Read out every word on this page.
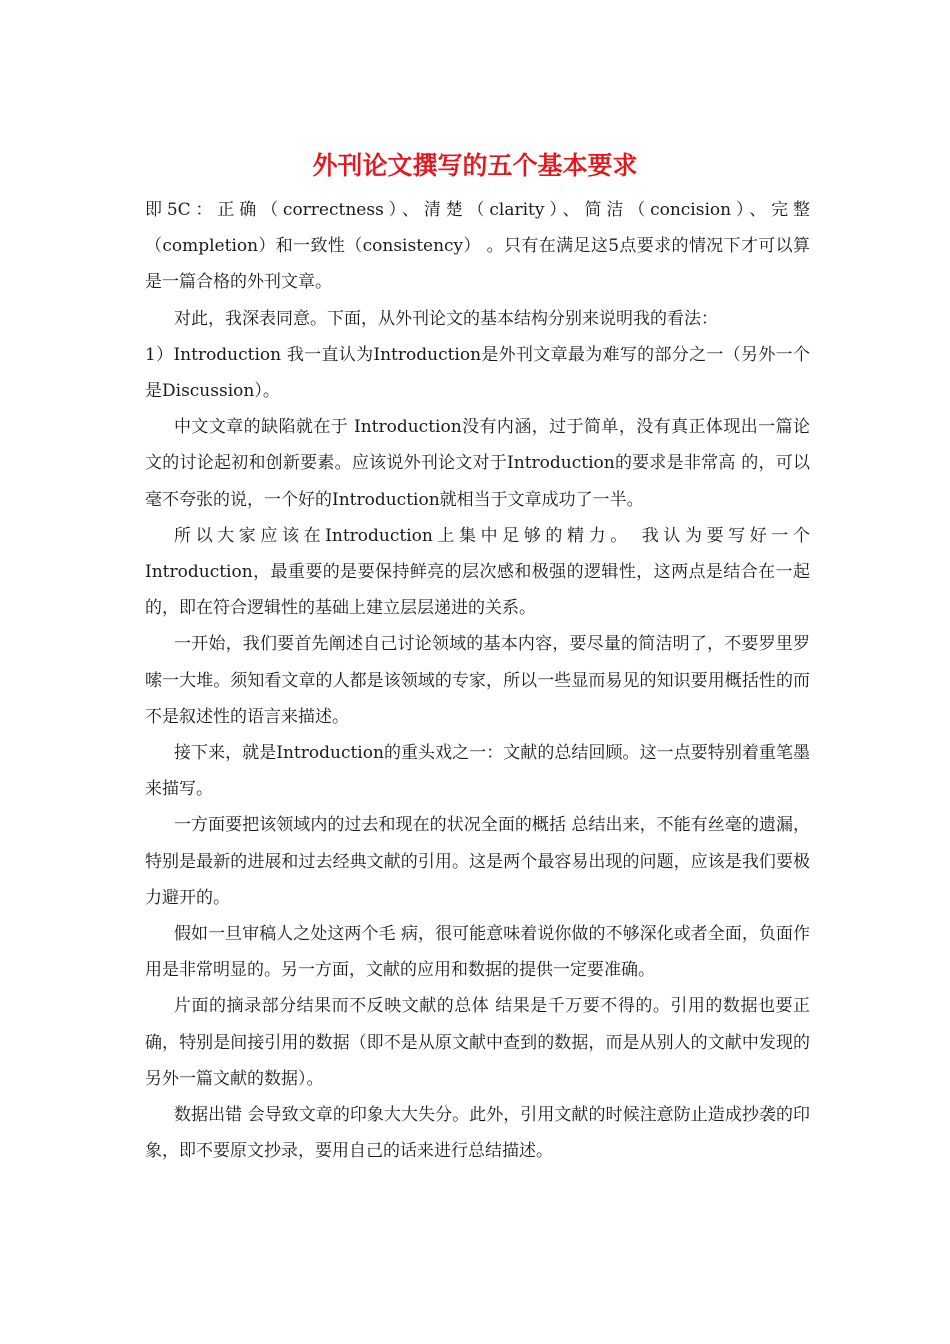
外刊论文撰写的五个基本要求

即5C：正确（correctness）、清楚（clarity）、简洁（concision）、完整（completion）和一致性（consistency） 。只有在满足这5点要求的情况下才可以算是一篇合格的外刊文章。

对此，我深表同意。下面，从外刊论文的基本结构分别来说明我的看法：

1）Introduction 我一直认为Introduction是外刊文章最为难写的部分之一（另外一个是Discussion）。

中文文章的缺陷就在于 Introduction没有内涵，过于简单，没有真正体现出一篇论文的讨论起初和创新要素。应该说外刊论文对于Introduction的要求是非常高 的，可以毫不夸张的说，一个好的Introduction就相当于文章成功了一半。

所以大家应该在Introduction上集中足够的精力。 我认为要写好一个Introduction，最重要的是要保持鲜亮的层次感和极强的逻辑性，这两点是结合在一起的，即在符合逻辑性的基础上建立层层递进的关系。

一开始，我们要首先阐述自己讨论领域的基本内容，要尽量的简洁明了，不要罗里罗嗦一大堆。须知看文章的人都是该领域的专家，所以一些显而易见的知识要用概括性的而不是叙述性的语言来描述。

接下来，就是Introduction的重头戏之一：文献的总结回顾。这一点要特别着重笔墨来描写。

一方面要把该领域内的过去和现在的状况全面的概括 总结出来，不能有丝毫的遗漏，特别是最新的进展和过去经典文献的引用。这是两个最容易出现的问题，应该是我们要极力避开的。

假如一旦审稿人之处这两个毛 病，很可能意味着说你做的不够深化或者全面，负面作用是非常明显的。另一方面，文献的应用和数据的提供一定要准确。

片面的摘录部分结果而不反映文献的总体 结果是千万要不得的。引用的数据也要正确，特别是间接引用的数据（即不是从原文献中查到的数据，而是从别人的文献中发现的另外一篇文献的数据）。

数据出错 会导致文章的印象大大失分。此外，引用文献的时候注意防止造成抄袭的印象，即不要原文抄录，要用自己的话来进行总结描述。
